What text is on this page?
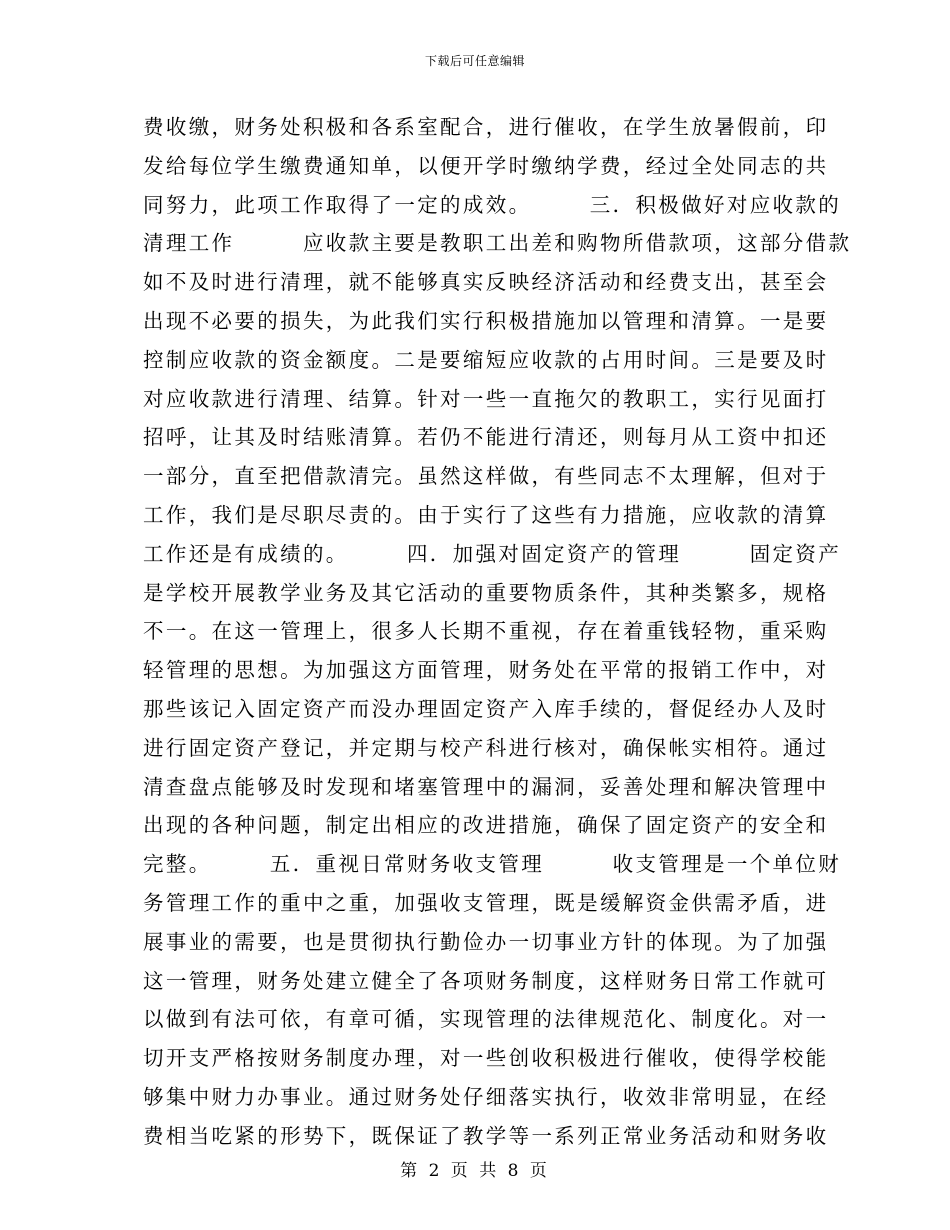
下载后可任意编辑
费收缴，财务处积极和各系室配合，进行催收，在学生放暑假前，印
发给每位学生缴费通知单，以便开学时缴纳学费，经过全处同志的共
同努力，此项工作取得了一定的成效。　　　三．积极做好对应收款的
清理工作　　　应收款主要是教职工出差和购物所借款项，这部分借款
如不及时进行清理，就不能够真实反映经济活动和经费支出，甚至会
出现不必要的损失，为此我们实行积极措施加以管理和清算。一是要
控制应收款的资金额度。二是要缩短应收款的占用时间。三是要及时
对应收款进行清理、结算。针对一些一直拖欠的教职工，实行见面打
招呼，让其及时结账清算。若仍不能进行清还，则每月从工资中扣还
一部分，直至把借款清完。虽然这样做，有些同志不太理解，但对于
工作，我们是尽职尽责的。由于实行了这些有力措施，应收款的清算
工作还是有成绩的。　　　四．加强对固定资产的管理　　　固定资产
是学校开展教学业务及其它活动的重要物质条件，其种类繁多，规格
不一。在这一管理上，很多人长期不重视，存在着重钱轻物，重采购
轻管理的思想。为加强这方面管理，财务处在平常的报销工作中，对
那些该记入固定资产而没办理固定资产入库手续的，督促经办人及时
进行固定资产登记，并定期与校产科进行核对，确保帐实相符。通过
清查盘点能够及时发现和堵塞管理中的漏洞，妥善处理和解决管理中
出现的各种问题，制定出相应的改进措施，确保了固定资产的安全和
完整。　　　五．重视日常财务收支管理　　　收支管理是一个单位财
务管理工作的重中之重，加强收支管理，既是缓解资金供需矛盾，进
展事业的需要，也是贯彻执行勤俭办一切事业方针的体现。为了加强
这一管理，财务处建立健全了各项财务制度，这样财务日常工作就可
以做到有法可依，有章可循，实现管理的法律规范化、制度化。对一
切开支严格按财务制度办理，对一些创收积极进行催收，使得学校能
够集中财力办事业。通过财务处仔细落实执行，收效非常明显，在经
费相当吃紧的形势下，既保证了教学等一系列正常业务活动和财务收
第 2 页 共 8 页
